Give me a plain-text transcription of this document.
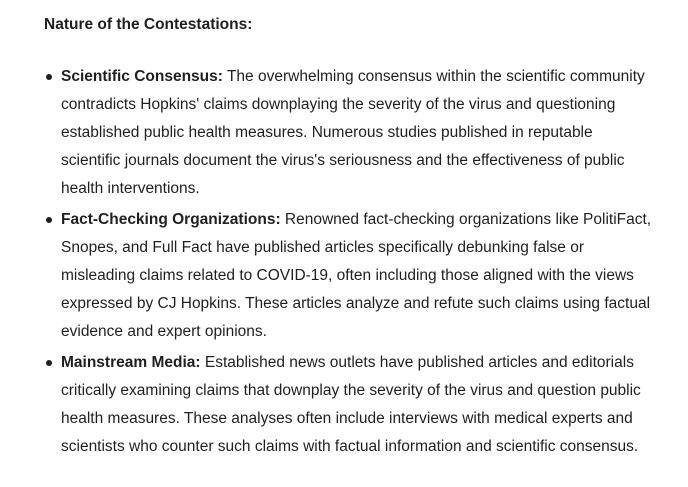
Nature of the Contestations:
Scientific Consensus: The overwhelming consensus within the scientific community contradicts Hopkins' claims downplaying the severity of the virus and questioning established public health measures. Numerous studies published in reputable scientific journals document the virus's seriousness and the effectiveness of public health interventions.
Fact-Checking Organizations: Renowned fact-checking organizations like PolitiFact, Snopes, and Full Fact have published articles specifically debunking false or misleading claims related to COVID-19, often including those aligned with the views expressed by CJ Hopkins. These articles analyze and refute such claims using factual evidence and expert opinions.
Mainstream Media: Established news outlets have published articles and editorials critically examining claims that downplay the severity of the virus and question public health measures. These analyses often include interviews with medical experts and scientists who counter such claims with factual information and scientific consensus.
